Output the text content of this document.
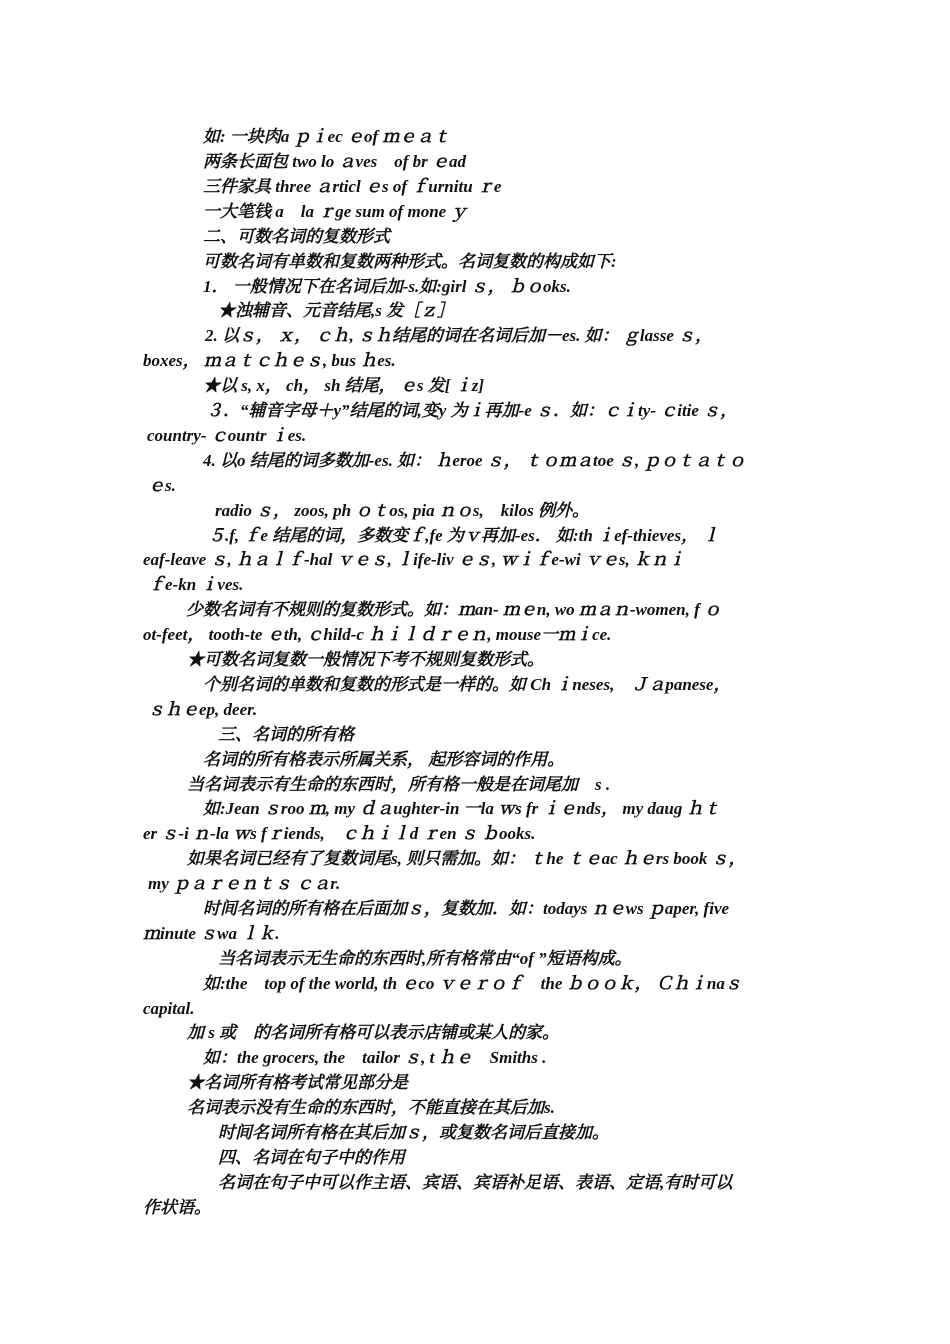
如: 一块肉a ｐｉec ｅof ｍｅａｔ
两条长面包 two lo ａves　of br ｅad
三件家具 three ａrticl ｅs of ｆurnitu ｒe
一大笔钱 a　la ｒge sum of mone ｙ
二、可数名词的复数形式
可数名词有单数和复数两种形式。名词复数的构成如下:
1． 一般情况下在名词后加-s.如:girl ｓ， ｂｏoks.
★浊辅音、元音结尾,s 发［ｚ］
2. 以ｓ， ｘ， ｃｈ, ｓｈ结尾的词在名词后加－es. 如： ｇlasse ｓ，
boxes， ｍａｔｃｈｅｓ, bus ｈes.
★以 s, x， ch， sh 结尾， ｅs 发[ ｉz]
３．“辅音字母＋y”结尾的词,变y 为ｉ再加-e ｓ．如：ｃｉty- ｃitie ｓ，
country- ｃountr ｉes.
4. 以o 结尾的词多数加-es. 如： ｈeroe ｓ， ｔｏｍａtoe ｓ, ｐｏｔａｔｏ
ｅs.
radio ｓ， zoos, ph ｏｔos, pia ｎｏs,　kilos 例外。
５.f, ｆe 结尾的词，多数变ｆ,fe 为ｖ再加-es． 如:th ｉef-thieves， ｌ
eaf-leave ｓ, ｈａｌｆ-hal ｖｅｓ, ｌife-liv ｅｓ, ｗｉｆe-wi ｖｅs, ｋｎｉ
ｆe-kn ｉves.
少数名词有不规则的复数形式。如：ｍan- ｍｅn, wo ｍａｎ-women, f ｏ
ot-feet， tooth-te ｅth, ｃhild-c ｈｉｌｄｒｅｎ, mouse一ｍｉce.
★可数名词复数一般情况下考不规则复数形式。
个别名词的单数和复数的形式是一样的。如 Ch ｉneses,　Ｊａpanese，
ｓｈｅep, deer.
三、名词的所有格
名词的所有格表示所属关系， 起形容词的作用。
当名词表示有生命的东西时，所有格一般是在词尾加　s .
如:Jean ｓroo ｍ, my ｄａughter-in 一la ｗs fr ｉｅnds， my daug ｈｔ
er ｓ-i ｎ-la ｗs fｒiends,　ｃｈｉｌd ｒen ｓ ｂooks.
如果名词已经有了复数词尾s, 则只需加。如： ｔhe ｔｅac ｈｅrs book ｓ，
my ｐａｒｅｎｔｓ ｃａr.
时间名词的所有格在后面加ｓ，复数加．如：todays ｎｅws ｐaper, five
ｍinute ｓwa ｌｋ.
当名词表示无生命的东西时,所有格常由“of ”短语构成。
如:the　top of the world, th ｅco ｖｅｒｏｆ　the ｂｏｏｋ， Ｃｈｉnaｓ
capital.
加 s 或　的名词所有格可以表示店铺或某人的家。
如：the grocers, the　tailor ｓ, t ｈｅ　Smiths .
★名词所有格考试常见部分是
名词表示没有生命的东西时，不能直接在其后加s.
时间名词所有格在其后加ｓ，或复数名词后直接加。
四、名词在句子中的作用
名词在句子中可以作主语、宾语、宾语补足语、表语、定语,有时可以
作状语。
